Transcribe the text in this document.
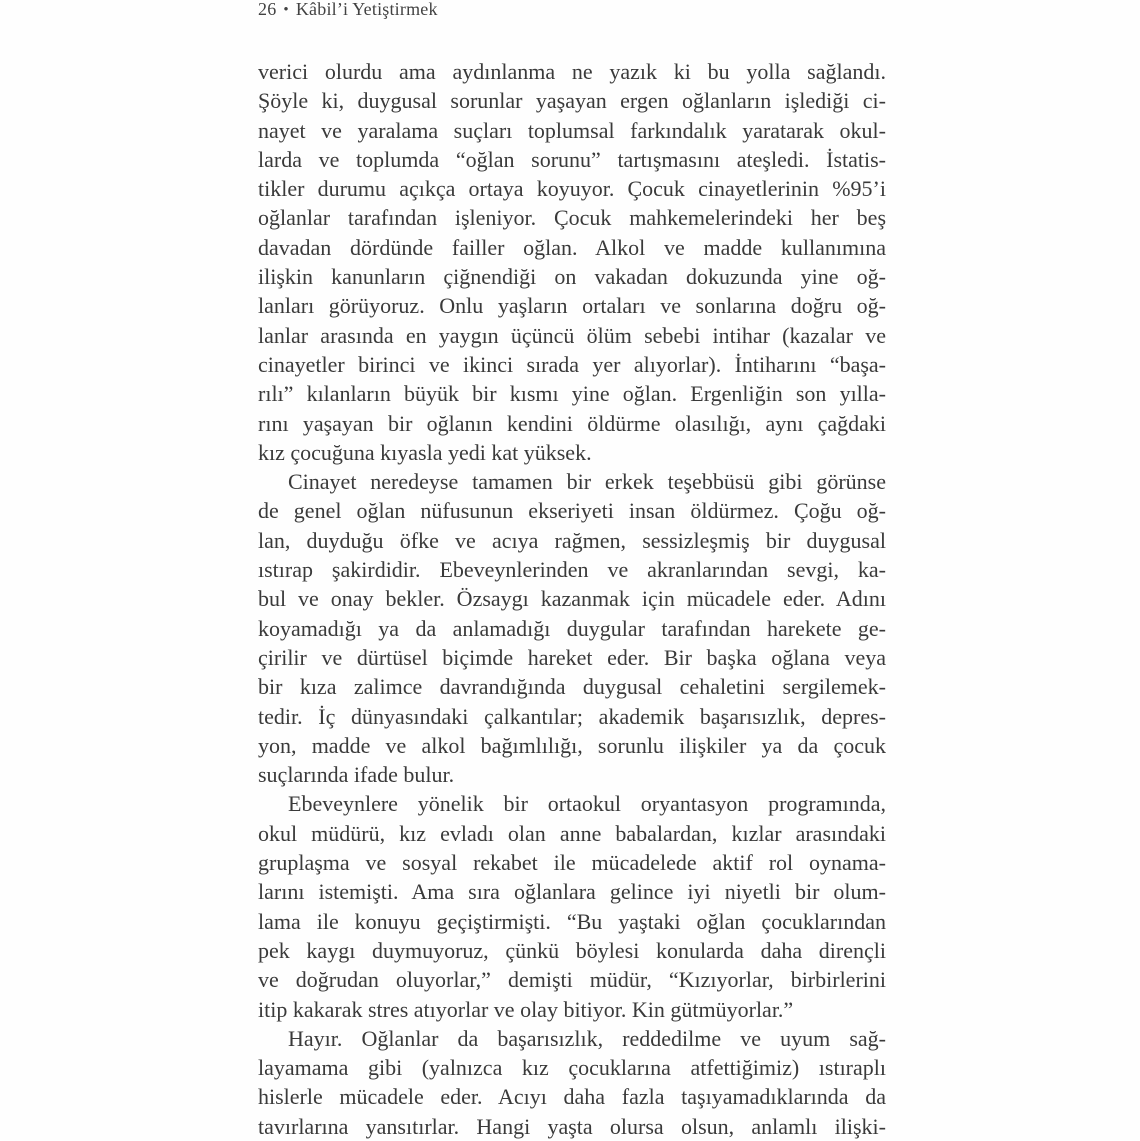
26 • Kâbil’i Yetiştirmek
verici olurdu ama aydınlanma ne yazık ki bu yolla sağlandı.
Şöyle ki, duygusal sorunlar yaşayan ergen oğlanların işlediği ci-
nayet ve yaralama suçları toplumsal farkındalık yaratarak okul-
larda ve toplumda “oğlan sorunu” tartışmasını ateşledi. İstatis-
tikler durumu açıkça ortaya koyuyor. Çocuk cinayetlerinin %95’i
oğlanlar tarafından işleniyor. Çocuk mahkemelerindeki her beş
davadan dördünde failler oğlan. Alkol ve madde kullanımına
ilişkin kanunların çiğnendiği on vakadan dokuzunda yine oğ-
lanları görüyoruz. Onlu yaşların ortaları ve sonlarına doğru oğ-
lanlar arasında en yaygın üçüncü ölüm sebebi intihar (kazalar ve
cinayetler birinci ve ikinci sırada yer alıyorlar). İntiharını “başa-
rılı” kılanların büyük bir kısmı yine oğlan. Ergenliğin son yılla-
rını yaşayan bir oğlanın kendini öldürme olasılığı, aynı çağdaki
kız çocuğuna kıyasla yedi kat yüksek.
Cinayet neredeyse tamamen bir erkek teşebbüsü gibi görünse
de genel oğlan nüfusunun ekseriyeti insan öldürmez. Çoğu oğ-
lan, duyduğu öfke ve acıya rağmen, sessizleşmiş bir duygusal
ıstırap şakirdidir. Ebeveynlerinden ve akranlarından sevgi, ka-
bul ve onay bekler. Özsaygı kazanmak için mücadele eder. Adını
koyamadığı ya da anlamadığı duygular tarafından harekete ge-
çirilir ve dürtüsel biçimde hareket eder. Bir başka oğlana veya
bir kıza zalimce davrandığında duygusal cehaletini sergilemek-
tedir. İç dünyasındaki çalkantılar; akademik başarısızlık, depres-
yon, madde ve alkol bağımlılığı, sorunlu ilişkiler ya da çocuk
suçlarında ifade bulur.
Ebeveynlere yönelik bir ortaokul oryantasyon programında,
okul müdürü, kız evladı olan anne babalardan, kızlar arasındaki
gruplaşma ve sosyal rekabet ile mücadelede aktif rol oynama-
larını istemişti. Ama sıra oğlanlara gelince iyi niyetli bir olum-
lama ile konuyu geçiştirmişti. “Bu yaştaki oğlan çocuklarından
pek kaygı duymuyoruz, çünkü böylesi konularda daha dirençli
ve doğrudan oluyorlar,” demişti müdür, “Kızıyorlar, birbirlerini
itip kakarak stres atıyorlar ve olay bitiyor. Kin gütmüyorlar.”
Hayır. Oğlanlar da başarısızlık, reddedilme ve uyum sağ-
layamama gibi (yalnızca kız çocuklarına atfettiğimiz) ıstıraplı
hislerle mücadele eder. Acıyı daha fazla taşıyamadıklarında da
tavırlarına yansıtırlar. Hangi yaşta olursa olsun, anlamlı ilişki-
